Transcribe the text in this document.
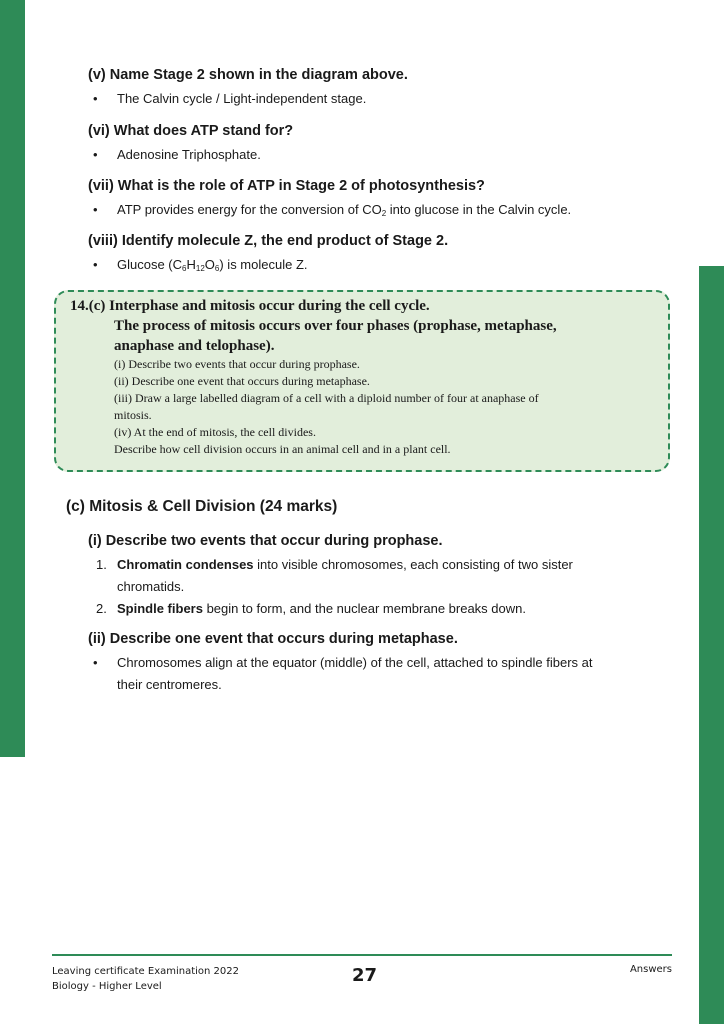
(v) Name Stage 2 shown in the diagram above.

• The Calvin cycle / Light-independent stage.

(vi) What does ATP stand for?

• Adenosine Triphosphate.

(vii) What is the role of ATP in Stage 2 of photosynthesis?

• ATP provides energy for the conversion of $CO_2$ into glucose in the Calvin cycle.

(viii) Identify molecule Z, the end product of Stage 2.

• Glucose $(C_6H_{12}O_6)$ is molecule Z.
14.(c) Interphase and mitosis occur during the cell cycle.
The process of mitosis occurs over four phases (prophase, metaphase,
anaphase and telophase).
(i) Describe two events that occur during prophase.
(ii) Describe one event that occurs during metaphase.
(iii) Draw a large labelled diagram of a cell with a diploid number of four at anaphase of
mitosis.
(iv) At the end of mitosis, the cell divides.
Describe how cell division occurs in an animal cell and in a plant cell.
(c) Mitosis & Cell Division (24 marks)

(i) Describe two events that occur during prophase.

1. Chromatin condenses into visible chromosomes, each consisting of two sister
chromatids.
2. Spindle fibers begin to form, and the nuclear membrane breaks down.

(ii) Describe one event that occurs during metaphase.

• Chromosomes align at the equator (middle) of the cell, attached to spindle fibers at
their centromeres.
Leaving certificate Examination 2022
Biology - Higher Level
27	Answers
